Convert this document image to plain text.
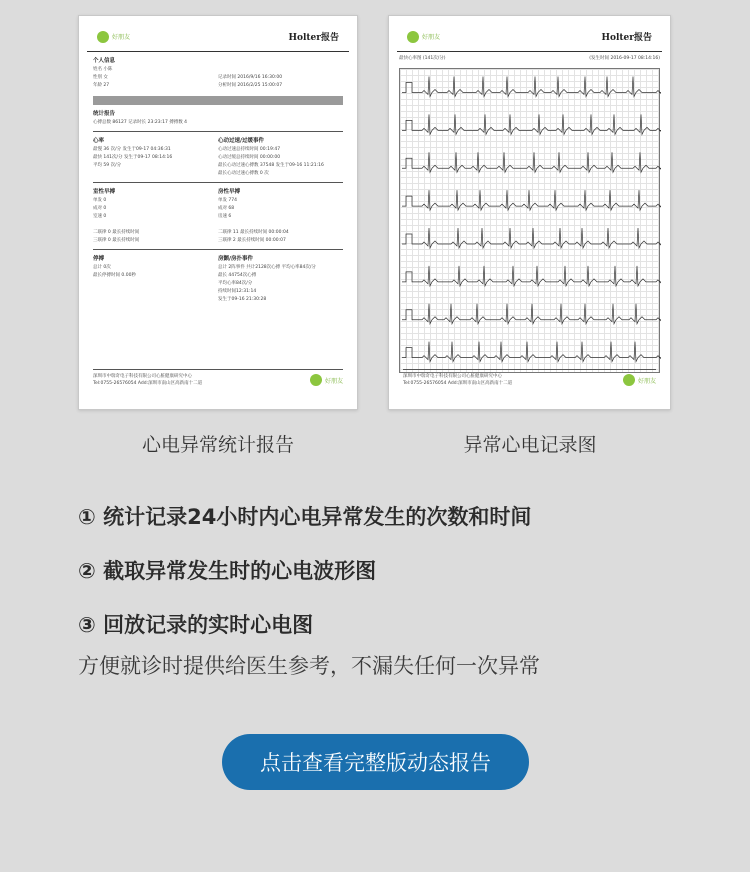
好朋友	Holter报告
个人信息
姓名 小陈
性别 女
年龄 27

记录时间 2016/9/16 16:30:00
分析时间 2016/2/25 15:00:07
统计报告
心搏总数 86127 记录时长 23:23:17 搏搏数 4
心率
最慢 36 次/分 发生于09-17 04:36:31
最快 141次/分 发生于09-17 08:14:16
平均 59 次/分
心动过速/过缓事件
心动过速总持续时间 00:19:47
心动过缓总持续时间 00:00:00
最长心动过速心搏数 37548 发生于09-16 11:21:16
最长心动过速心搏数 0 次
室性早搏
单发 0
成对 0
室速 0

二联律 0 最长持续时间
三联律 0 最长持续时间
房性早搏
单发 774
成对 68
房速 6

二联律 11 最长持续时间 00:00:04
三联律 2 最长持续时间 00:00:07
停搏
总计 0次
最长停搏时间 0.00秒
房颤/房扑事件
总计 2阵事件 共计2128次心搏 平均心率84次/分
最长 44754次心搏
平均心率84次/分
持续时间12:31:14
发生于09-16 21:30:28
深圳市中瑞奇电子科技有限公司心脏健康研究中心
Tel:0755-26576054 Add:深圳市南山区高新南十二道	好朋友
好朋友	Holter报告
最快心率图 (141次/分)	(发生时间 2016-09-17 08:14:16)
深圳市中瑞奇电子科技有限公司心脏健康研究中心
Tel:0755-26576054 Add:深圳市南山区高新南十二道	好朋友
心电异常统计报告	异常心电记录图
① 统计记录24小时内心电异常发生的次数和时间
② 截取异常发生时的心电波形图
③ 回放记录的实时心电图
方便就诊时提供给医生参考，不漏失任何一次异常
点击查看完整版动态报告
